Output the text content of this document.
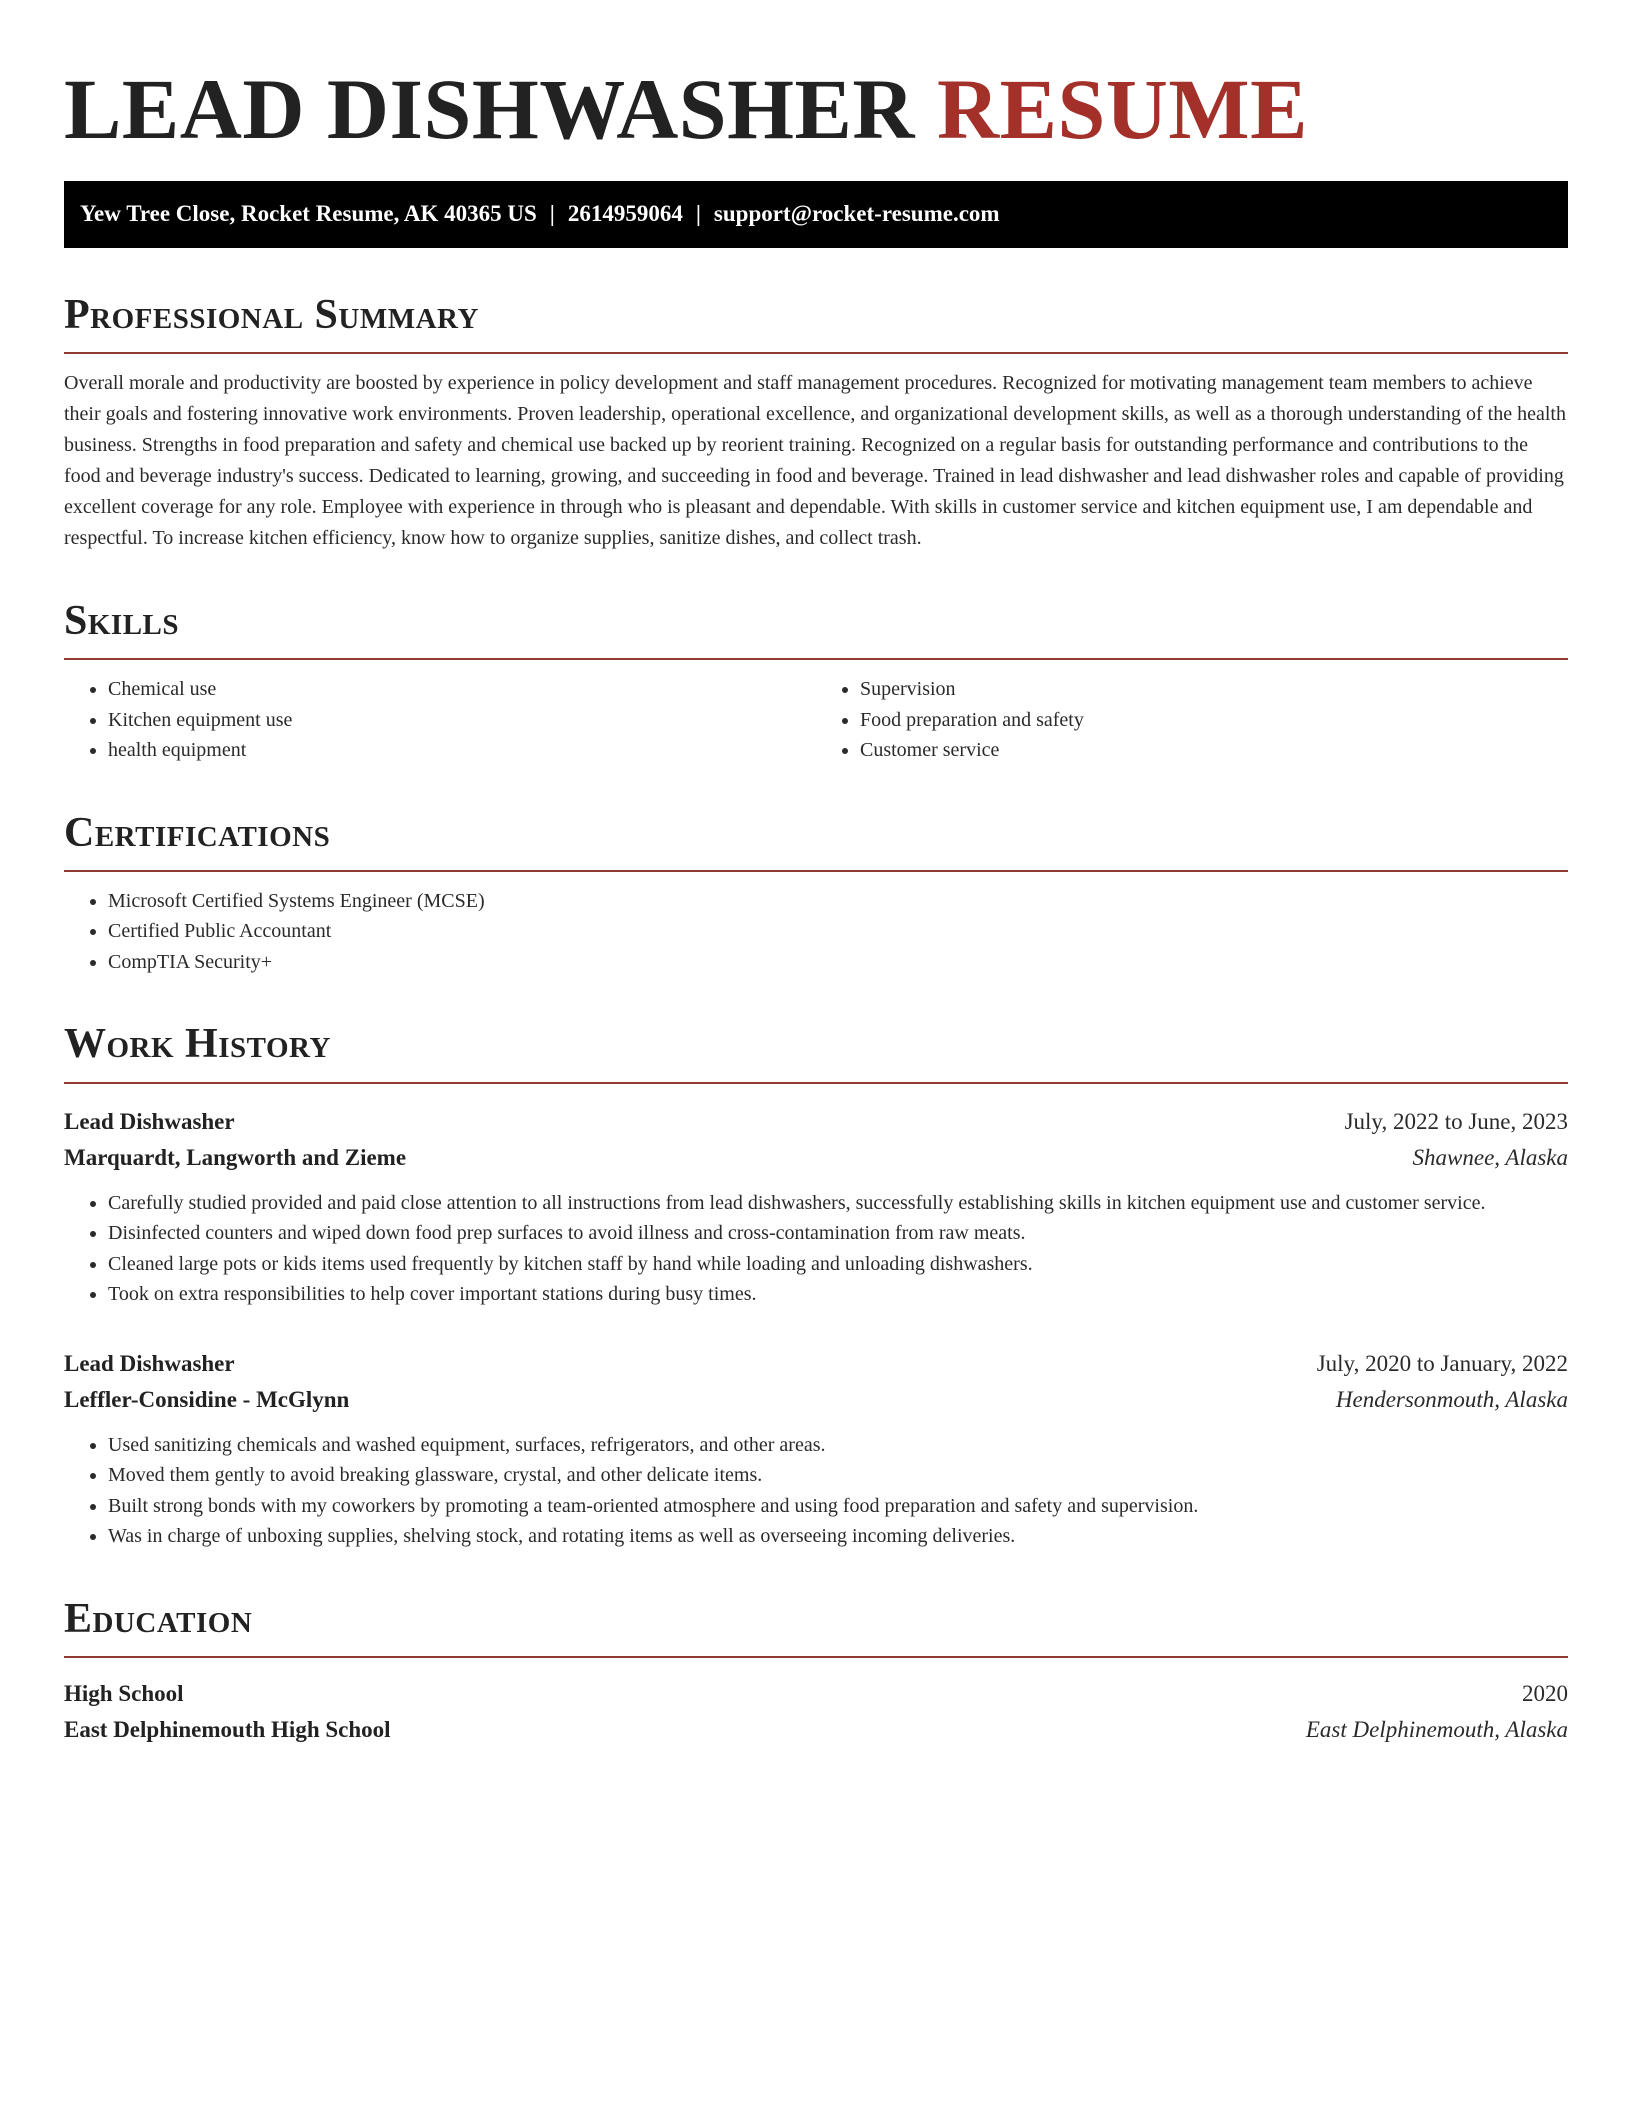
LEAD DISHWASHER RESUME
Yew Tree Close, Rocket Resume, AK 40365 US | 2614959064 | support@rocket-resume.com
Professional Summary

Overall morale and productivity are boosted by experience in policy development and staff management procedures. Recognized for motivating management team members to achieve their goals and fostering innovative work environments. Proven leadership, operational excellence, and organizational development skills, as well as a thorough understanding of the health business. Strengths in food preparation and safety and chemical use backed up by reorient training. Recognized on a regular basis for outstanding performance and contributions to the food and beverage industry's success. Dedicated to learning, growing, and succeeding in food and beverage. Trained in lead dishwasher and lead dishwasher roles and capable of providing excellent coverage for any role. Employee with experience in through who is pleasant and dependable. With skills in customer service and kitchen equipment use, I am dependable and respectful. To increase kitchen efficiency, know how to organize supplies, sanitize dishes, and collect trash.

Skills
• Chemical use
• Kitchen equipment use
• health equipment
• Supervision
• Food preparation and safety
• Customer service
Certifications
• Microsoft Certified Systems Engineer (MCSE)
• Certified Public Accountant
• CompTIA Security+
Work History
Lead Dishwasher	July, 2022 to June, 2023
Marquardt, Langworth and Zieme	Shawnee, Alaska
• Carefully studied provided and paid close attention to all instructions from lead dishwashers, successfully establishing skills in kitchen equipment use and customer service.
• Disinfected counters and wiped down food prep surfaces to avoid illness and cross-contamination from raw meats.
• Cleaned large pots or kids items used frequently by kitchen staff by hand while loading and unloading dishwashers.
• Took on extra responsibilities to help cover important stations during busy times.
Lead Dishwasher	July, 2020 to January, 2022
Leffler-Considine - McGlynn	Hendersonmouth, Alaska
• Used sanitizing chemicals and washed equipment, surfaces, refrigerators, and other areas.
• Moved them gently to avoid breaking glassware, crystal, and other delicate items.
• Built strong bonds with my coworkers by promoting a team-oriented atmosphere and using food preparation and safety and supervision.
• Was in charge of unboxing supplies, shelving stock, and rotating items as well as overseeing incoming deliveries.
Education
High School	2020
East Delphinemouth High School	East Delphinemouth, Alaska
